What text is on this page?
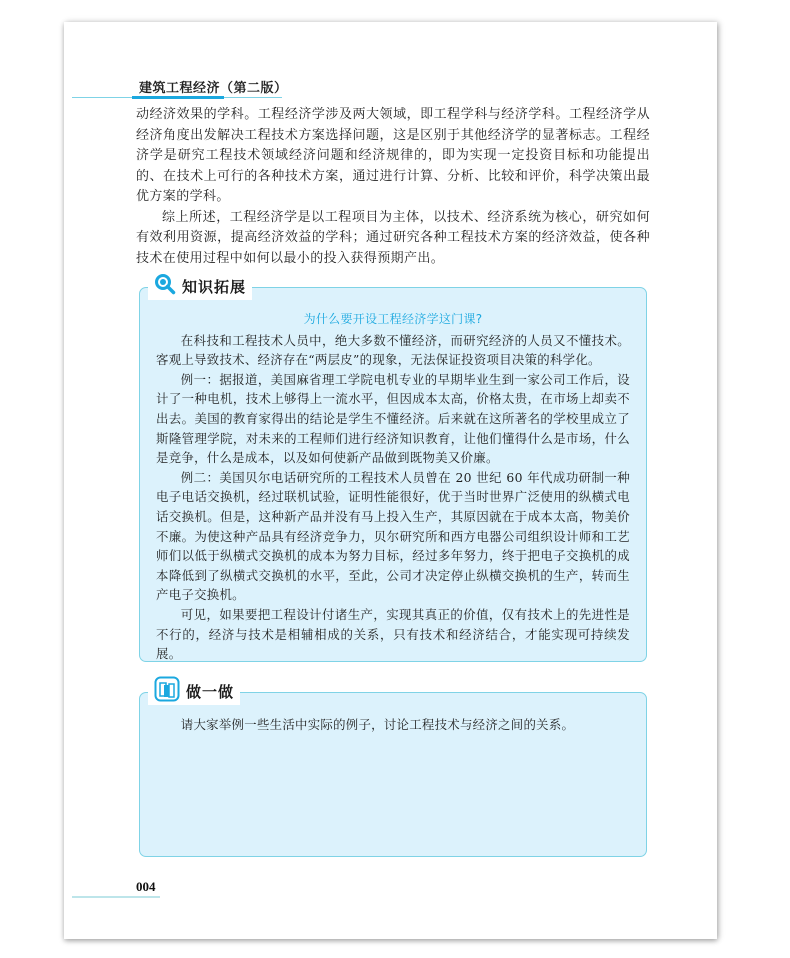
建筑工程经济（第二版）

动经济效果的学科。工程经济学涉及两大领域，即工程学科与经济学科。工程经济学从经济角度出发解决工程技术方案选择问题，这是区别于其他经济学的显著标志。工程经济学是研究工程技术领域经济问题和经济规律的，即为实现一定投资目标和功能提出的、在技术上可行的各种技术方案，通过进行计算、分析、比较和评价，科学决策出最优方案的学科。

综上所述，工程经济学是以工程项目为主体，以技术、经济系统为核心，研究如何有效利用资源，提高经济效益的学科；通过研究各种工程技术方案的经济效益，使各种技术在使用过程中如何以最小的投入获得预期产出。

知识拓展

为什么要开设工程经济学这门课?

在科技和工程技术人员中，绝大多数不懂经济，而研究经济的人员又不懂技术。客观上导致技术、经济存在“两层皮”的现象，无法保证投资项目决策的科学化。

例一：据报道，美国麻省理工学院电机专业的早期毕业生到一家公司工作后，设计了一种电机，技术上够得上一流水平，但因成本太高，价格太贵，在市场上却卖不出去。美国的教育家得出的结论是学生不懂经济。后来就在这所著名的学校里成立了斯隆管理学院，对未来的工程师们进行经济知识教育，让他们懂得什么是市场，什么是竞争，什么是成本，以及如何使新产品做到既物美又价廉。

例二：美国贝尔电话研究所的工程技术人员曾在 20 世纪 60 年代成功研制一种电子电话交换机，经过联机试验，证明性能很好，优于当时世界广泛使用的纵横式电话交换机。但是，这种新产品并没有马上投入生产，其原因就在于成本太高，物美价不廉。为使这种产品具有经济竞争力，贝尔研究所和西方电器公司组织设计师和工艺师们以低于纵横式交换机的成本为努力目标，经过多年努力，终于把电子交换机的成本降低到了纵横式交换机的水平，至此，公司才决定停止纵横交换机的生产，转而生产电子交换机。

可见，如果要把工程设计付诸生产，实现其真正的价值，仅有技术上的先进性是不行的，经济与技术是相辅相成的关系，只有技术和经济结合，才能实现可持续发展。

做一做

请大家举例一些生活中实际的例子，讨论工程技术与经济之间的关系。

004
